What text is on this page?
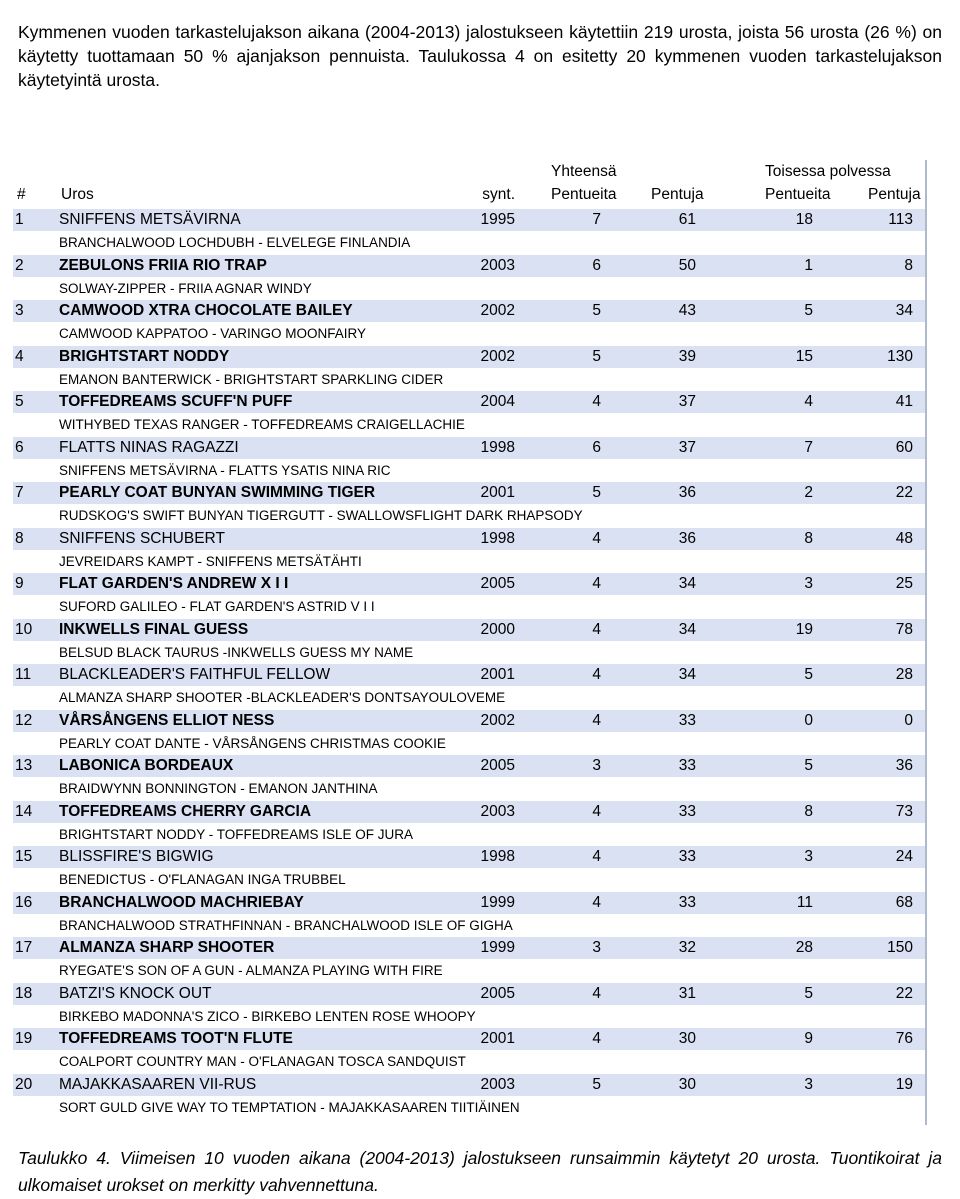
Kymmenen vuoden tarkastelujakson aikana (2004-2013) jalostukseen käytettiin 219 urosta, joista 56 urosta (26 %) on käytetty tuottamaan 50 % ajanjakson pennuista. Taulukossa 4 on esitetty 20 kymmenen vuoden tarkastelujakson käytetyintä urosta.

Yhteensä	Toisessa polvessa
# Uros	synt. Pentueita Pentuja	Pentueita Pentuja
1	SNIFFENS METSÄVIRNA	1995	7	61	18	113
BRANCHALWOOD LOCHDUBH - ELVELEGE FINLANDIA
2	ZEBULONS FRIIA RIO TRAP	2003	6	50	1	8
SOLWAY-ZIPPER - FRIIA AGNAR WINDY
3	CAMWOOD XTRA CHOCOLATE BAILEY	2002	5	43	5	34
CAMWOOD KAPPATOO - VARINGO MOONFAIRY
4	BRIGHTSTART NODDY	2002	5	39	15	130
EMANON BANTERWICK - BRIGHTSTART SPARKLING CIDER
5	TOFFEDREAMS SCUFF'N PUFF	2004	4	37	4	41
WITHYBED TEXAS RANGER - TOFFEDREAMS CRAIGELLACHIE
6	FLATTS NINAS RAGAZZI	1998	6	37	7	60
SNIFFENS METSÄVIRNA - FLATTS YSATIS NINA RIC
7	PEARLY COAT BUNYAN SWIMMING TIGER	2001	5	36	2	22
RUDSKOG'S SWIFT BUNYAN TIGERGUTT - SWALLOWSFLIGHT DARK RHAPSODY
8	SNIFFENS SCHUBERT	1998	4	36	8	48
JEVREIDARS KAMPT - SNIFFENS METSÄTÄHTI
9	FLAT GARDEN'S ANDREW X I I	2005	4	34	3	25
SUFORD GALILEO - FLAT GARDEN'S ASTRID V I I
10	INKWELLS FINAL GUESS	2000	4	34	19	78
BELSUD BLACK TAURUS -INKWELLS GUESS MY NAME
11	BLACKLEADER'S FAITHFUL FELLOW	2001	4	34	5	28
ALMANZA SHARP SHOOTER -BLACKLEADER'S DONTSAYOULOVEME
12	VÅRSÅNGENS ELLIOT NESS	2002	4	33	0	0
PEARLY COAT DANTE - VÅRSÅNGENS CHRISTMAS COOKIE
13	LABONICA BORDEAUX	2005	3	33	5	36
BRAIDWYNN BONNINGTON - EMANON JANTHINA
14	TOFFEDREAMS CHERRY GARCIA	2003	4	33	8	73
BRIGHTSTART NODDY - TOFFEDREAMS ISLE OF JURA
15	BLISSFIRE'S BIGWIG	1998	4	33	3	24
BENEDICTUS - O'FLANAGAN INGA TRUBBEL
16	BRANCHALWOOD MACHRIEBAY	1999	4	33	11	68
BRANCHALWOOD STRATHFINNAN - BRANCHALWOOD ISLE OF GIGHA
17	ALMANZA SHARP SHOOTER	1999	3	32	28	150
RYEGATE'S SON OF A GUN - ALMANZA PLAYING WITH FIRE
18	BATZI'S KNOCK OUT	2005	4	31	5	22
BIRKEBO MADONNA'S ZICO - BIRKEBO LENTEN ROSE WHOOPY
19	TOFFEDREAMS TOOT'N FLUTE	2001	4	30	9	76
COALPORT COUNTRY MAN - O'FLANAGAN TOSCA SANDQUIST
20	MAJAKKASAAREN VII-RUS	2003	5	30	3	19
SORT GULD GIVE WAY TO TEMPTATION - MAJAKKASAAREN TIITIÄINEN

Taulukko 4. Viimeisen 10 vuoden aikana (2004-2013) jalostukseen runsaimmin käytetyt 20 urosta. Tuontikoirat ja ulkomaiset urokset on merkitty vahvennettuna.
